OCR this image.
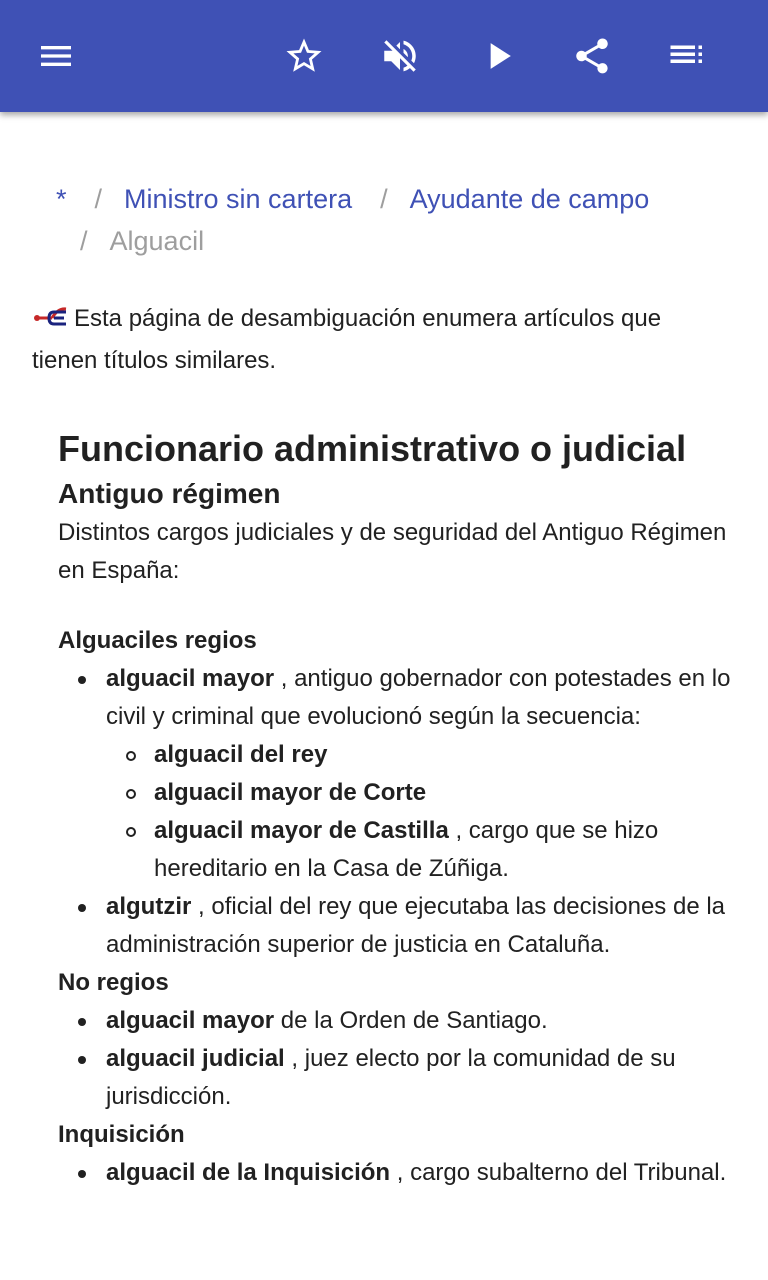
* / Ministro sin cartera / Ayudante de campo
/ Alguacil
Esta página de desambiguación enumera artículos que tienen títulos similares.
Funcionario administrativo o judicial
Antiguo régimen

Distintos cargos judiciales y de seguridad del Antiguo Régimen en España:

Alguaciles regios
alguacil mayor , antiguo gobernador con potestades en lo civil y criminal que evolucionó según la secuencia:
alguacil del rey
alguacil mayor de Corte
alguacil mayor de Castilla , cargo que se hizo hereditario en la Casa de Zúñiga.
algutzir , oficial del rey que ejecutaba las decisiones de la administración superior de justicia en Cataluña.
No regios
alguacil mayor de la Orden de Santiago.
alguacil judicial , juez electo por la comunidad de su jurisdicción.
Inquisición
alguacil de la Inquisición , cargo subalterno del Tribunal.
